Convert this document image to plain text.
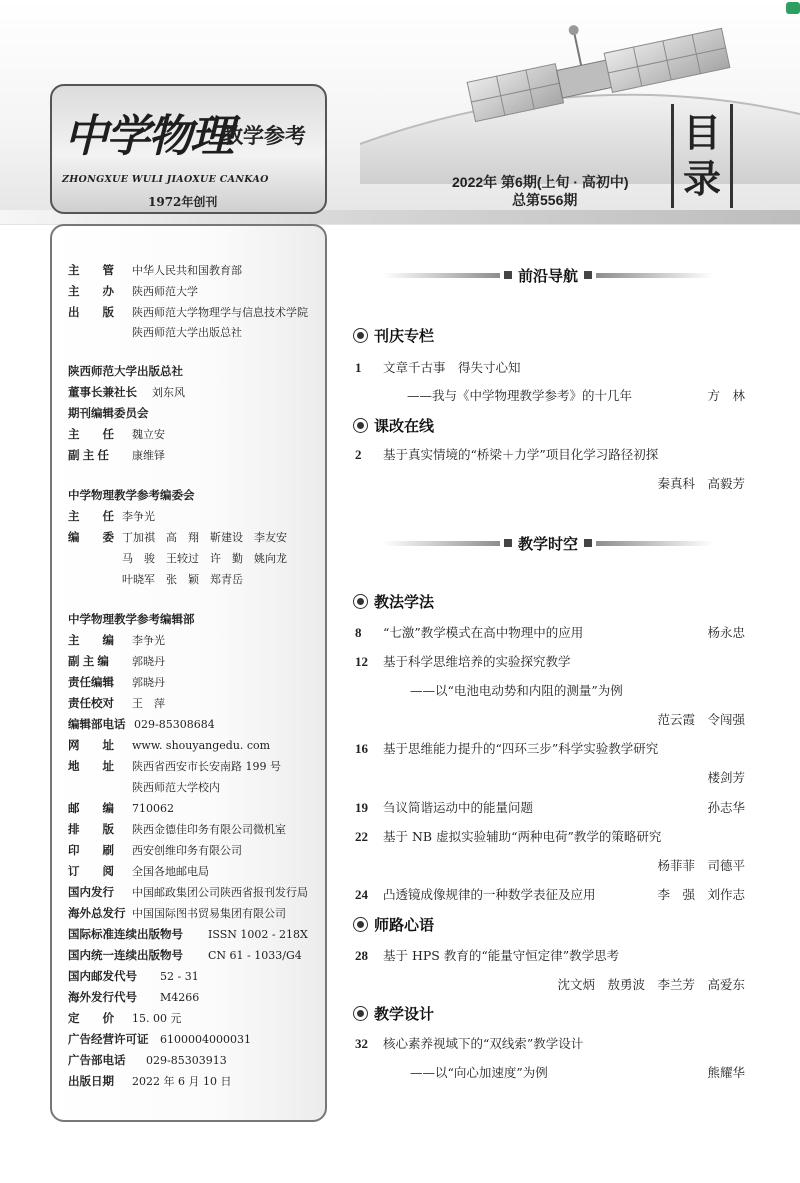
中学物理
教学参考
ZHONGXUE WULI JIAOXUE CANKAO
1972年创刊
2022年 第6期(上旬 · 高初中)
总第556期
目
录
主　　管 中华人民共和国教育部
主　　办 陕西师范大学
出　　版 陕西师范大学物理学与信息技术学院
陕西师范大学出版总社
陕西师范大学出版总社
董事长兼社长 刘东风
期刊编辑委员会
主　　任 魏立安
副 主 任 康维铎
中学物理教学参考编委会
主　　任 李争光
编　　委 丁加祺　高　翔　靳建设　李友安
马　骏　王较过　许　勤　姚向龙
叶晓军　张　颖　郑青岳
中学物理教学参考编辑部
主　　编 李争光
副 主 编 郭晓丹
责任编辑 郭晓丹
责任校对 王　萍
编辑部电话 029-85308684
网　　址 www. shouyangedu. com
地　　址 陕西省西安市长安南路 199 号
陕西师范大学校内
邮　　编 710062
排　　版 陕西金德佳印务有限公司微机室
印　　刷 西安创维印务有限公司
订　　阅 全国各地邮电局
国内发行 中国邮政集团公司陕西省报刊发行局
海外总发行 中国国际图书贸易集团有限公司
国际标准连续出版物号 ISSN 1002 - 218X
国内统一连续出版物号 CN 61 - 1033/G4
国内邮发代号 52 - 31
海外发行代号 M4266
定　　价 15. 00 元
广告经营许可证 6100004000031
广告部电话 029-85303913
出版日期 2022 年 6 月 10 日
前沿导航
刊庆专栏
1 文章千古事　得失寸心知
——我与《中学物理教学参考》的十几年	方　林
课改在线
2 基于真实情境的“桥梁＋力学”项目化学习路径初探
秦真科　高毅芳
教学时空
教法学法
8 “七激”教学模式在高中物理中的应用	杨永忠
12 基于科学思维培养的实验探究教学
——以“电池电动势和内阻的测量”为例
范云霞　令闯强
16 基于思维能力提升的“四环三步”科学实验教学研究
楼剑芳
19 刍议简谐运动中的能量问题	孙志华
22 基于 NB 虚拟实验辅助“两种电荷”教学的策略研究
杨菲菲　司德平
24 凸透镜成像规律的一种数学表征及应用	李　强　刘作志
师路心语
28 基于 HPS 教育的“能量守恒定律”教学思考
沈文炳　敖勇波　李兰芳　高爱东
教学设计
32 核心素养视域下的“双线索”教学设计
——以“向心加速度”为例	熊耀华
